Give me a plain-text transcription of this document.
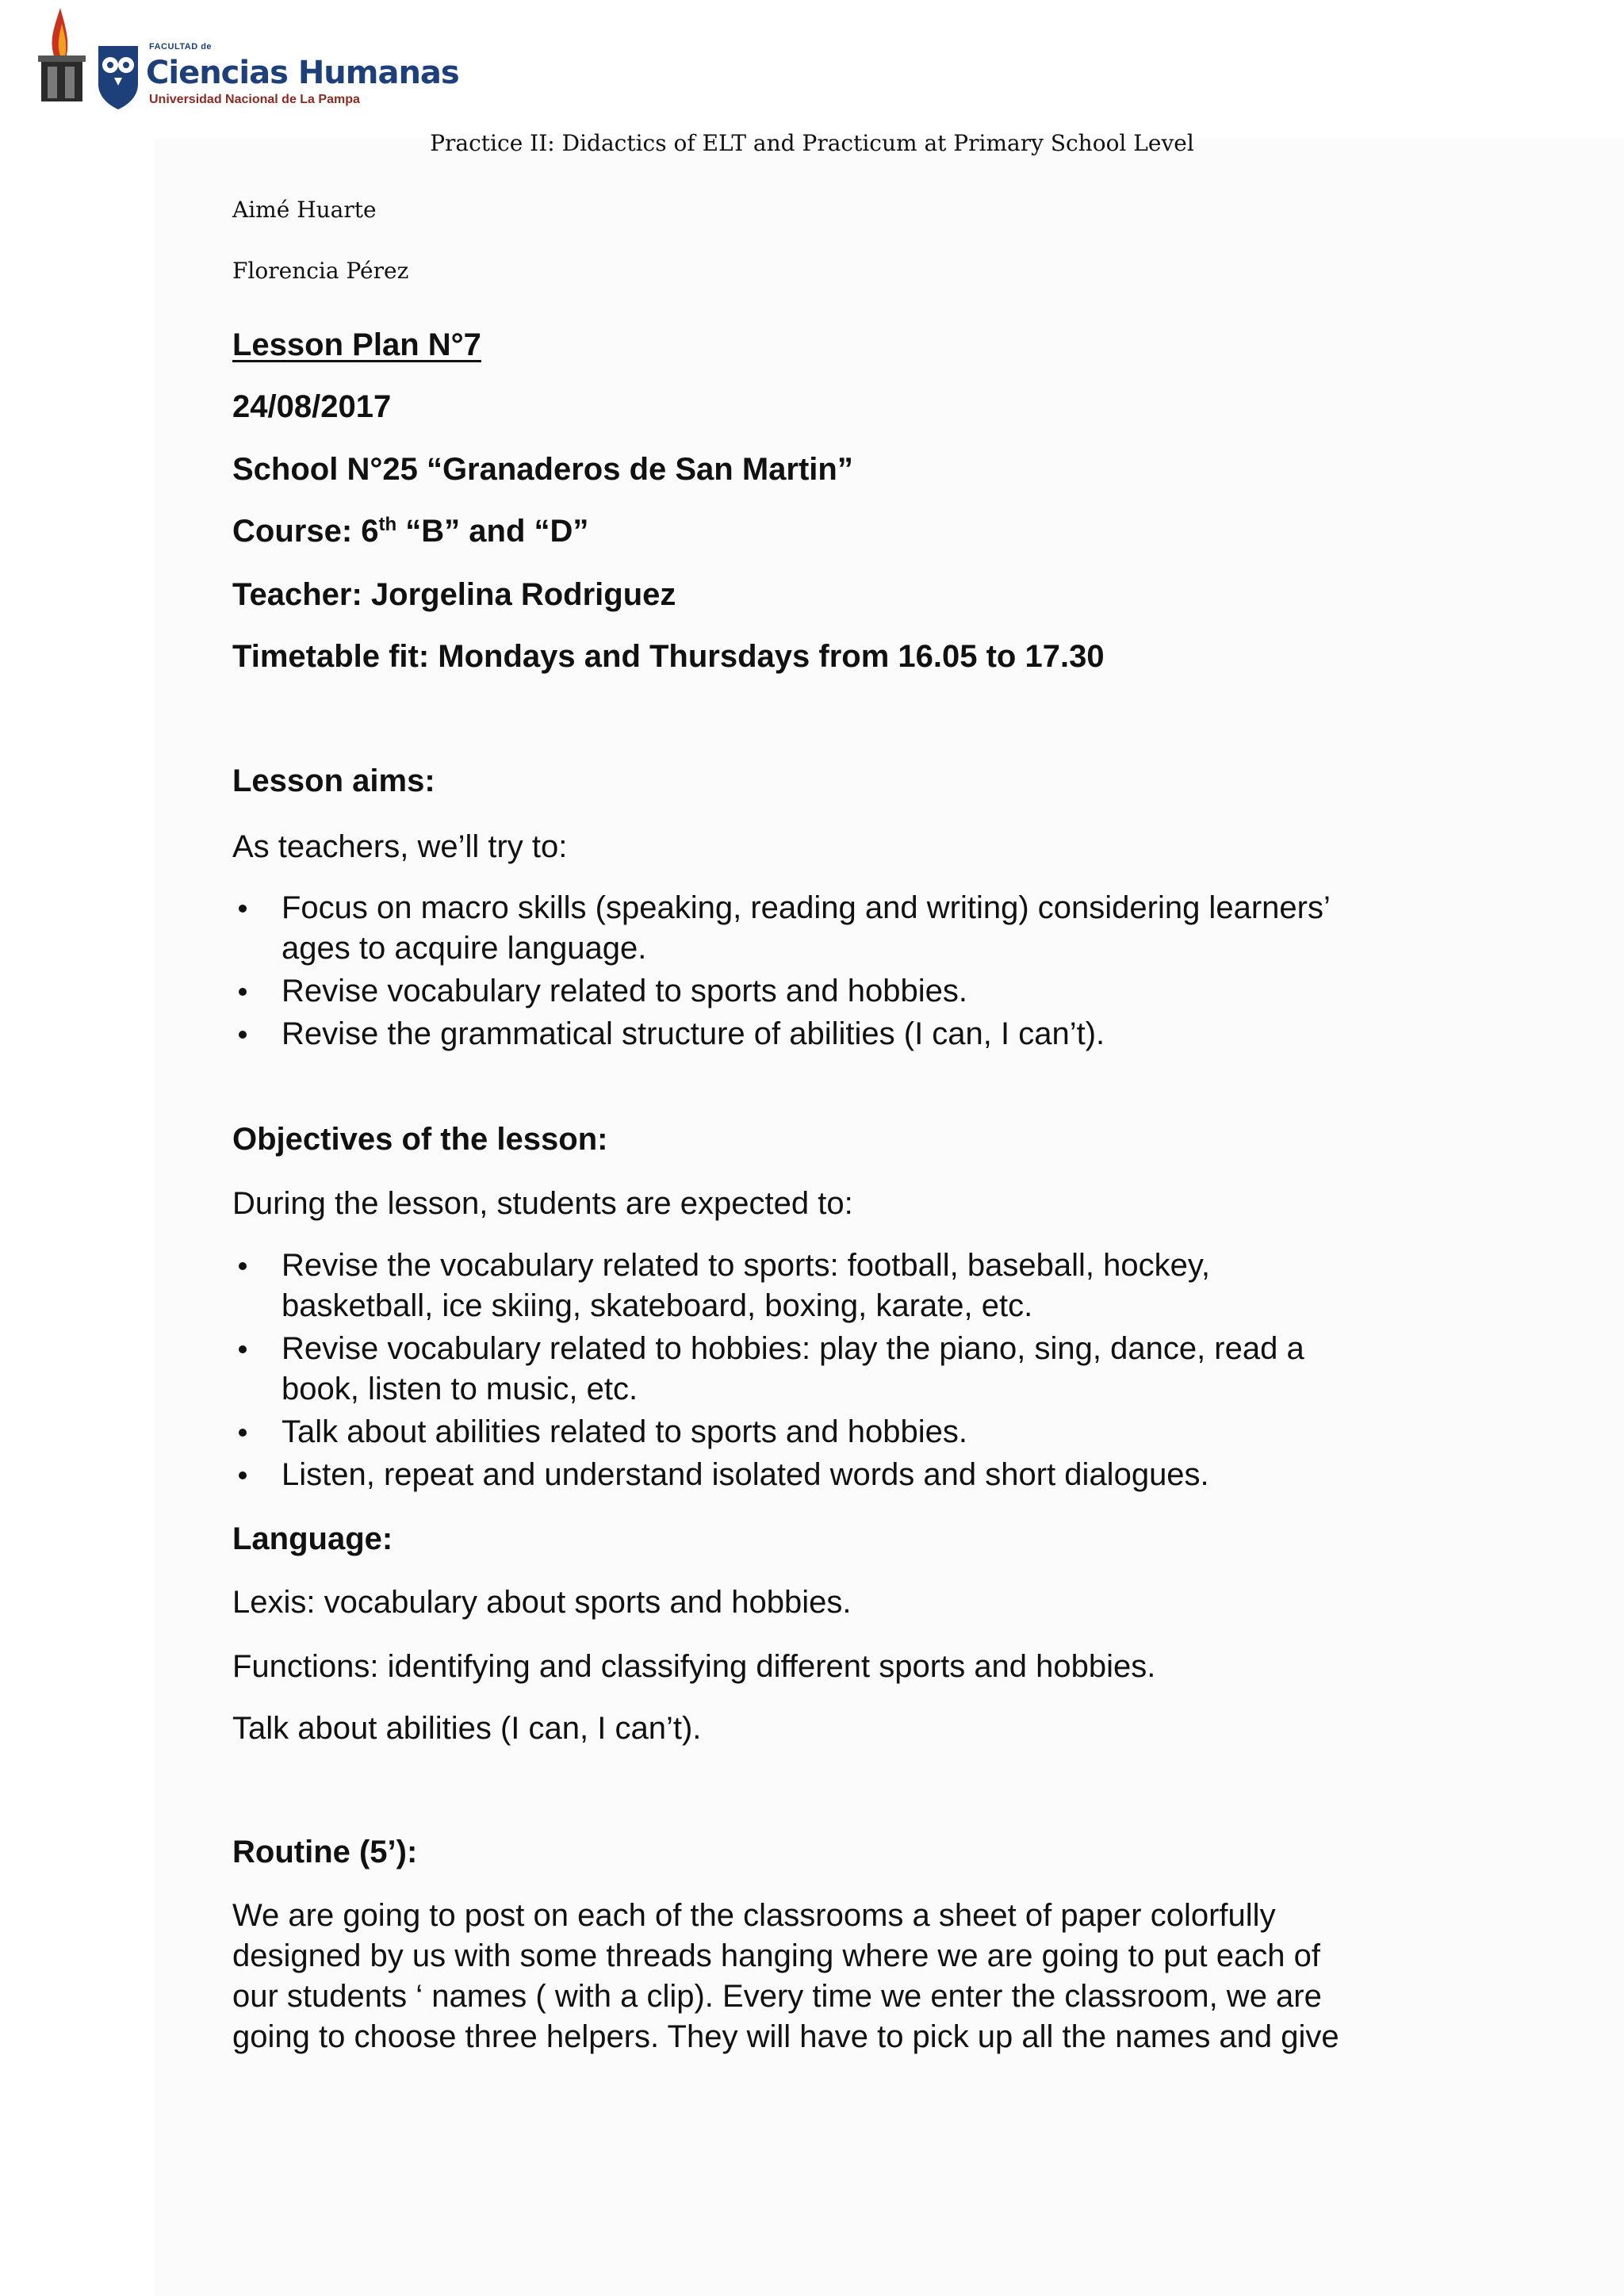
FACULTAD de
Ciencias Humanas
Universidad Nacional de La Pampa
Practice II: Didactics of ELT and Practicum at Primary School Level
Aimé Huarte
Florencia Pérez
Lesson Plan N°7
24/08/2017
School N°25 “Granaderos de San Martin”
Course: 6th “B” and “D”
Teacher: Jorgelina Rodriguez
Timetable fit: Mondays and Thursdays from 16.05 to 17.30
Lesson aims:
As teachers, we’ll try to:
Focus on macro skills (speaking, reading and writing) considering learners’
ages to acquire language.
Revise vocabulary related to sports and hobbies.
Revise the grammatical structure of abilities (I can, I can’t).
Objectives of the lesson:
During the lesson, students are expected to:
Revise the vocabulary related to sports: football, baseball, hockey,
basketball, ice skiing, skateboard, boxing, karate, etc.
Revise vocabulary related to hobbies: play the piano, sing, dance, read a
book, listen to music, etc.
Talk about abilities related to sports and hobbies.
Listen, repeat and understand isolated words and short dialogues.
Language:
Lexis: vocabulary about sports and hobbies.
Functions: identifying and classifying different sports and hobbies.
Talk about abilities (I can, I can’t).
Routine (5’):
We are going to post on each of the classrooms a sheet of paper colorfully
designed by us with some threads hanging where we are going to put each of
our students ‘ names ( with a clip). Every time we enter the classroom, we are
going to choose three helpers. They will have to pick up all the names and give
